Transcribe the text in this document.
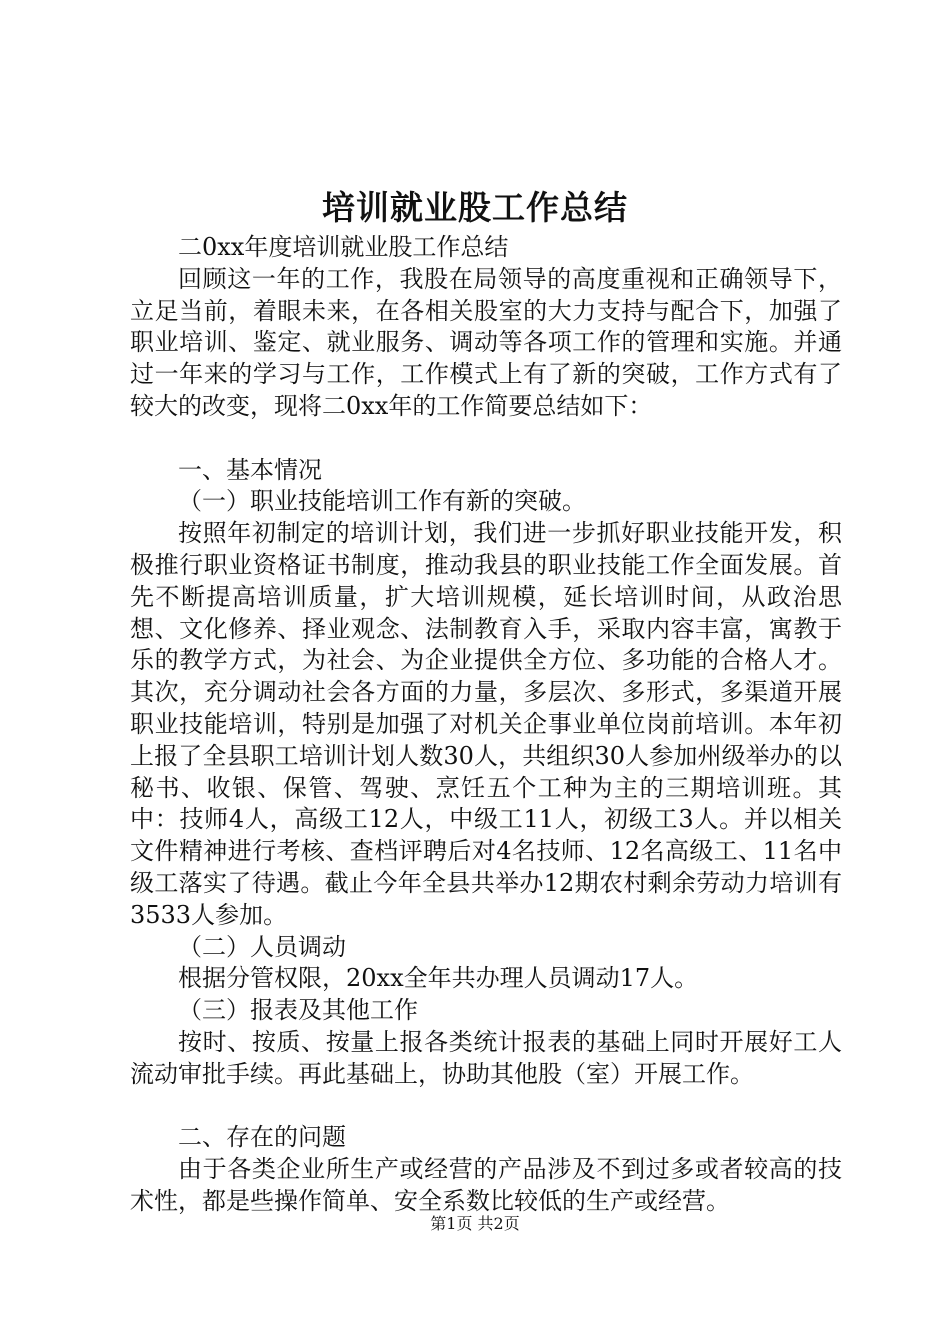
培训就业股工作总结

二0xx年度培训就业股工作总结

回顾这一年的工作，我股在局领导的高度重视和正确领导下，立足当前，着眼未来，在各相关股室的大力支持与配合下，加强了职业培训、鉴定、就业服务、调动等各项工作的管理和实施。并通过一年来的学习与工作，工作模式上有了新的突破，工作方式有了较大的改变，现将二0xx年的工作简要总结如下：

一、基本情况

（一）职业技能培训工作有新的突破。

按照年初制定的培训计划，我们进一步抓好职业技能开发，积极推行职业资格证书制度，推动我县的职业技能工作全面发展。首先不断提高培训质量，扩大培训规模，延长培训时间，从政治思想、文化修养、择业观念、法制教育入手，采取内容丰富，寓教于乐的教学方式，为社会、为企业提供全方位、多功能的合格人才。其次，充分调动社会各方面的力量，多层次、多形式，多渠道开展职业技能培训，特别是加强了对机关企事业单位岗前培训。本年初上报了全县职工培训计划人数30人，共组织30人参加州级举办的以秘书、收银、保管、驾驶、烹饪五个工种为主的三期培训班。其中：技师4人，高级工12人，中级工11人，初级工3人。并以相关文件精神进行考核、查档评聘后对4名技师、12名高级工、11名中级工落实了待遇。截止今年全县共举办12期农村剩余劳动力培训有3533人参加。

（二）人员调动

根据分管权限，20xx全年共办理人员调动17人。

（三）报表及其他工作

按时、按质、按量上报各类统计报表的基础上同时开展好工人流动审批手续。再此基础上，协助其他股（室）开展工作。

二、存在的问题

由于各类企业所生产或经营的产品涉及不到过多或者较高的技术性，都是些操作简单、安全系数比较低的生产或经营。

第1页 共2页
